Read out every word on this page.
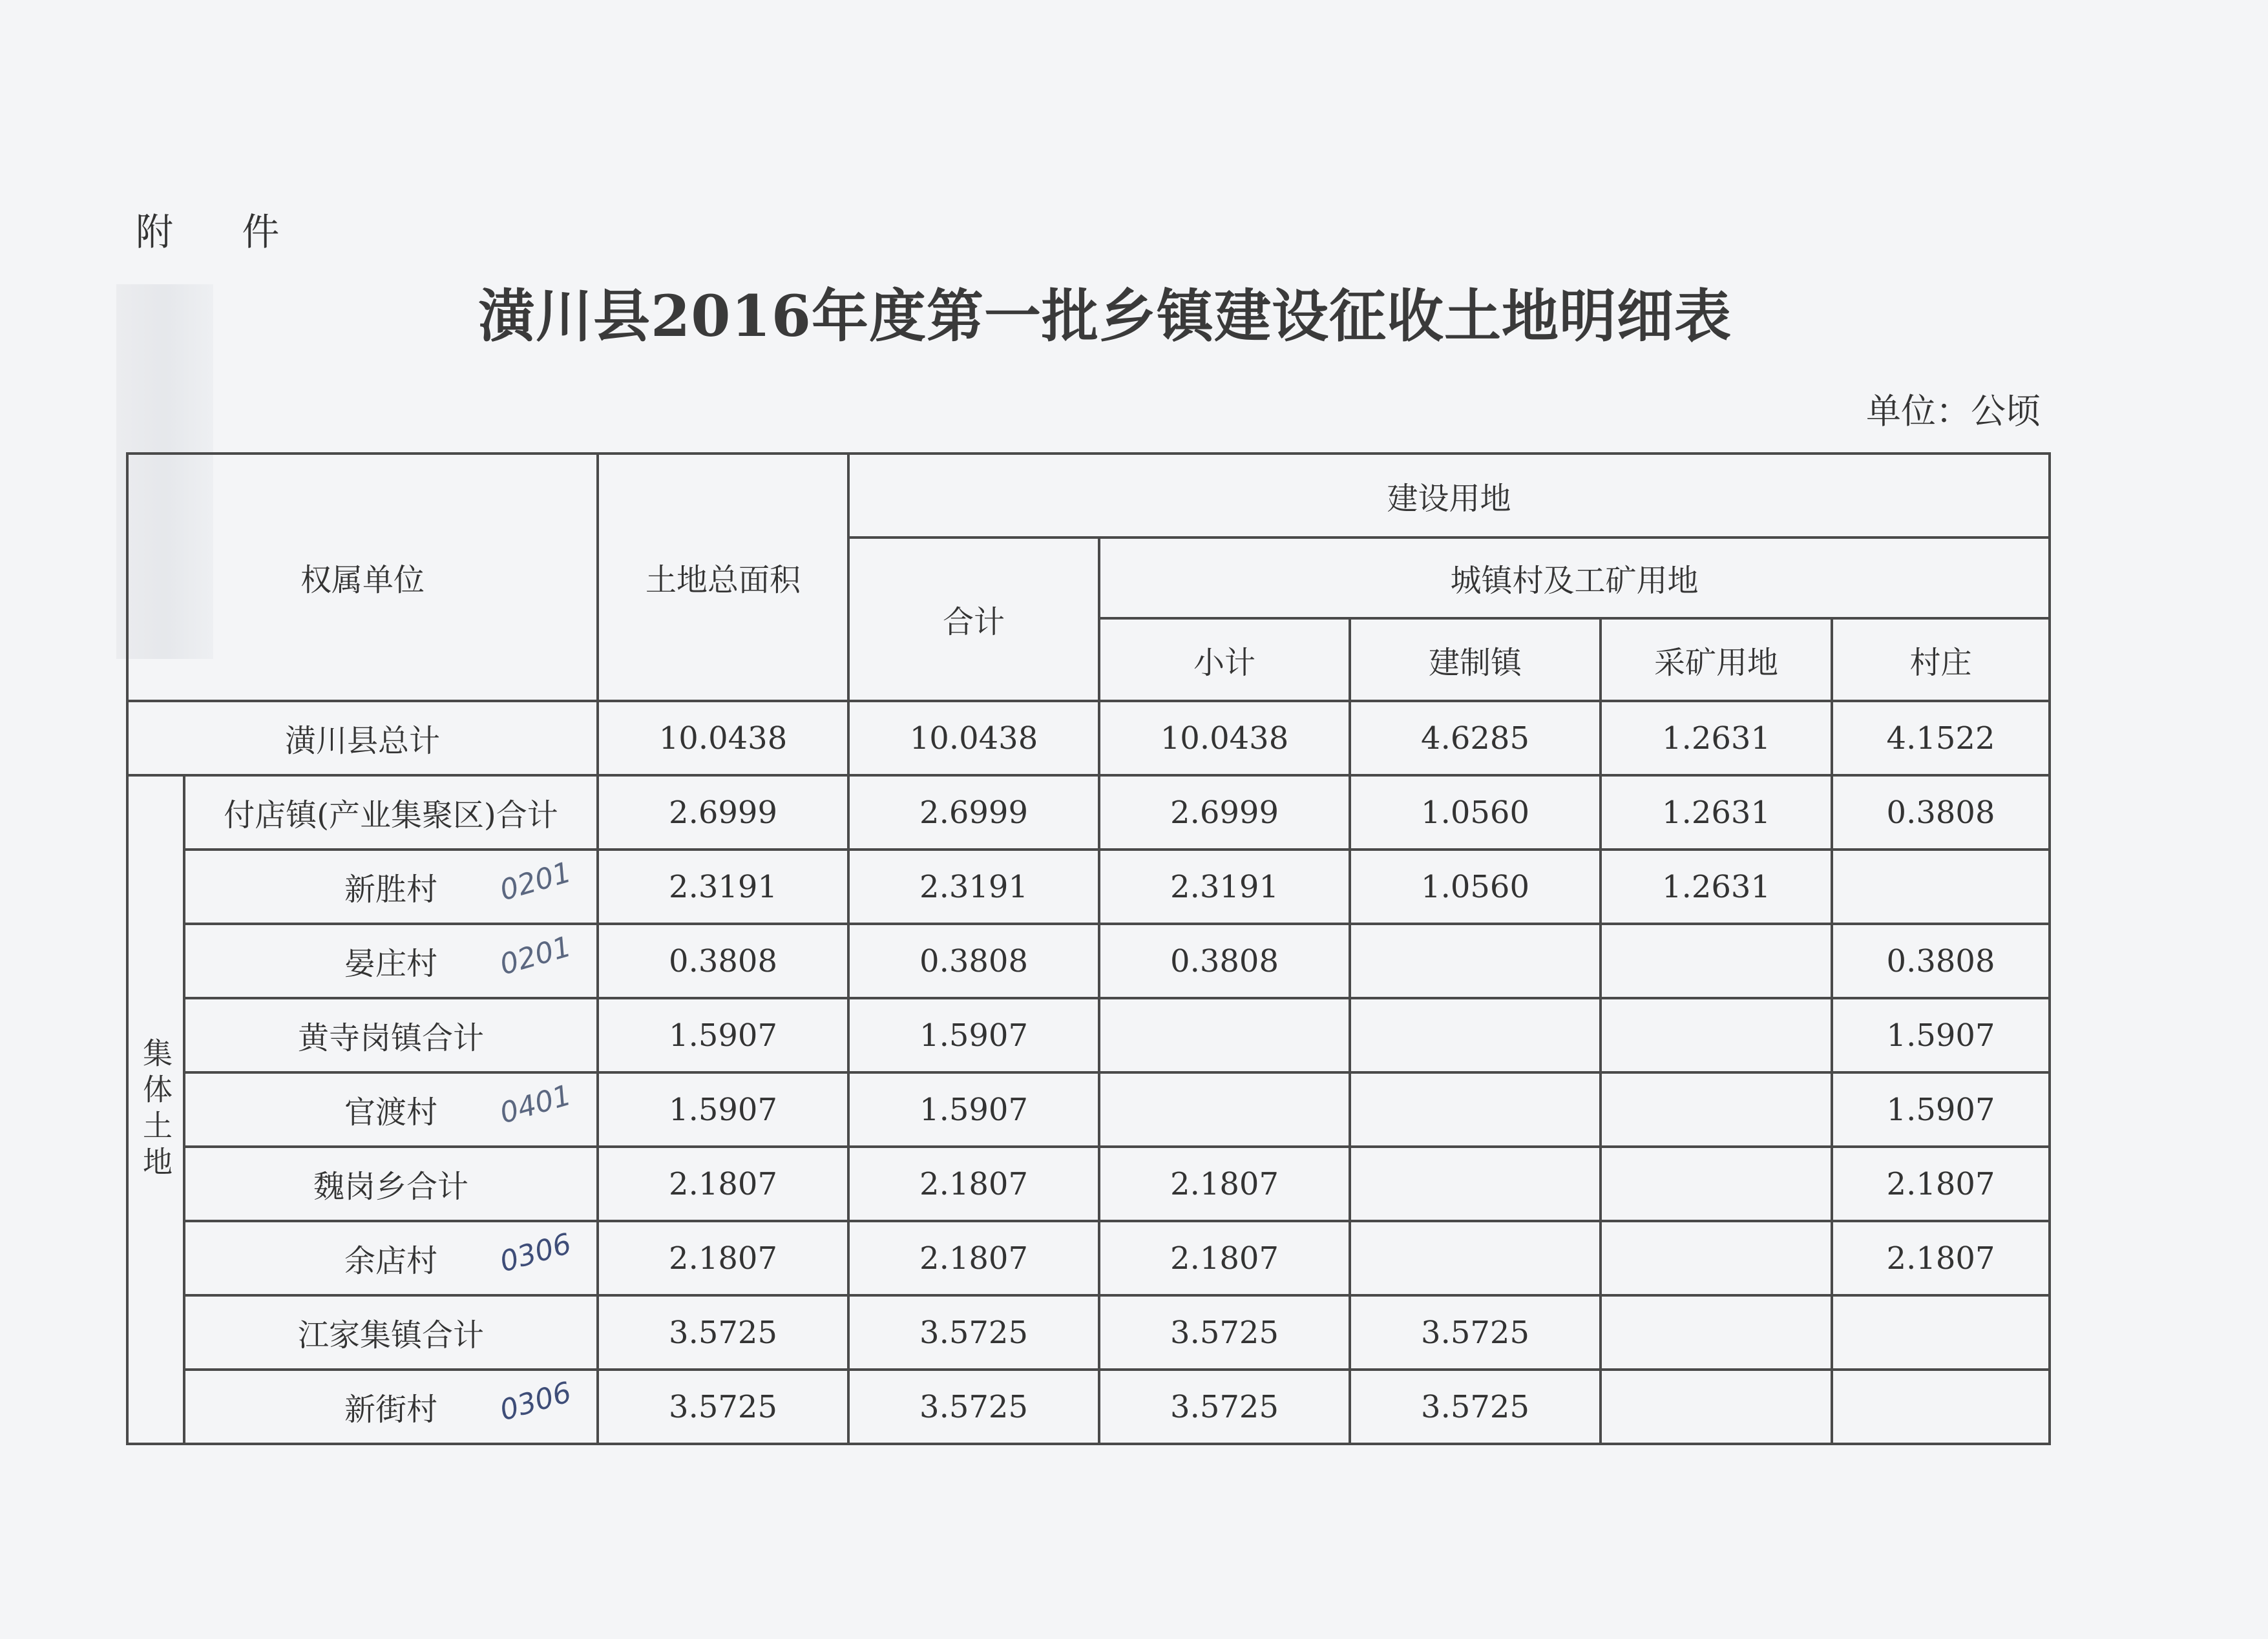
附 件
潢川县2016年度第一批乡镇建设征收土地明细表
单位：公顷
权属单位		土地总面积	建设用地				
			合计	城镇村及工矿用地			
				小计	建制镇	采矿用地	村庄
潢川县总计		10.0438	10.0438	10.0438	4.6285	1.2631	4.1522

集体土地	付店镇(产业集聚区)合计	2.6999	2.6999	2.6999	1.0560	1.2631	0.3808
	新胜村 0201	2.3191	2.3191	2.3191	1.0560	1.2631	
	晏庄村 0201	0.3808	0.3808	0.3808			0.3808
	黄寺岗镇合计	1.5907	1.5907				1.5907
	官渡村 0401	1.5907	1.5907				1.5907
	魏岗乡合计	2.1807	2.1807	2.1807			2.1807
	余店村 0306	2.1807	2.1807	2.1807			2.1807
	江家集镇合计	3.5725	3.5725	3.5725	3.5725		
	新街村 0306	3.5725	3.5725	3.5725	3.5725		
